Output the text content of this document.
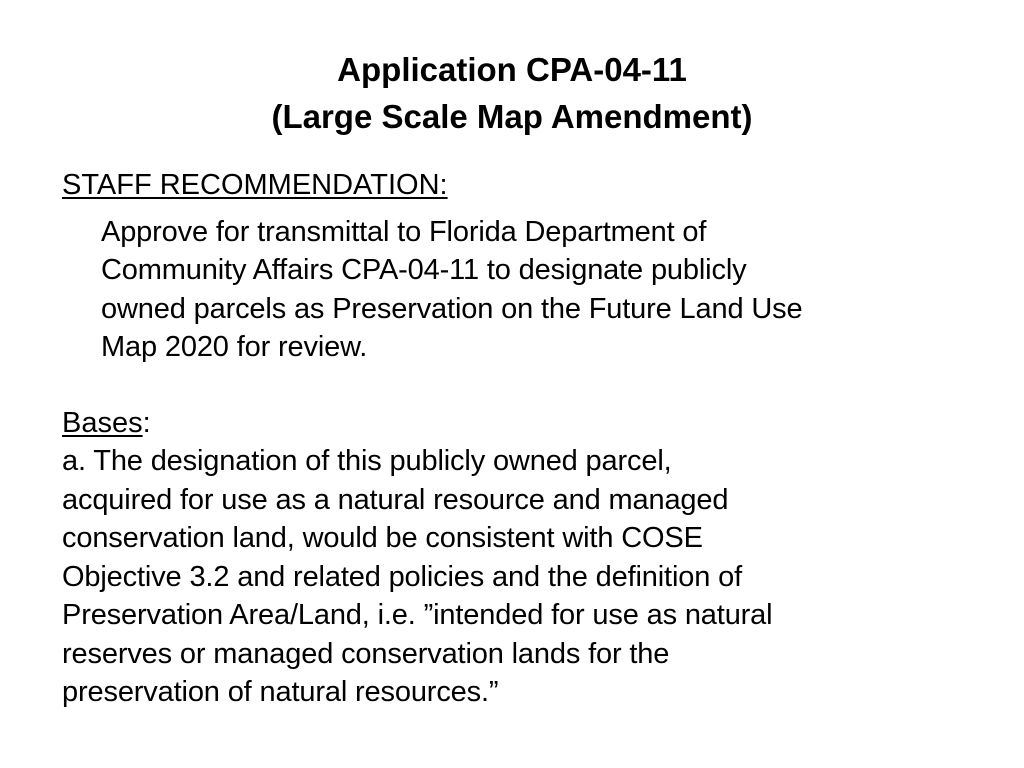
Application CPA-04-11
(Large Scale Map Amendment)
STAFF RECOMMENDATION:
Approve for transmittal to Florida Department of
Community Affairs CPA-04-11 to designate publicly
owned parcels as Preservation on the Future Land Use
Map 2020 for review.
Bases:
a. The designation of this publicly owned parcel,
acquired for use as a natural resource and managed
conservation land, would be consistent with COSE
Objective 3.2 and related policies and the definition of
Preservation Area/Land, i.e. ”intended for use as natural
reserves or managed conservation lands for the
preservation of natural resources.”
